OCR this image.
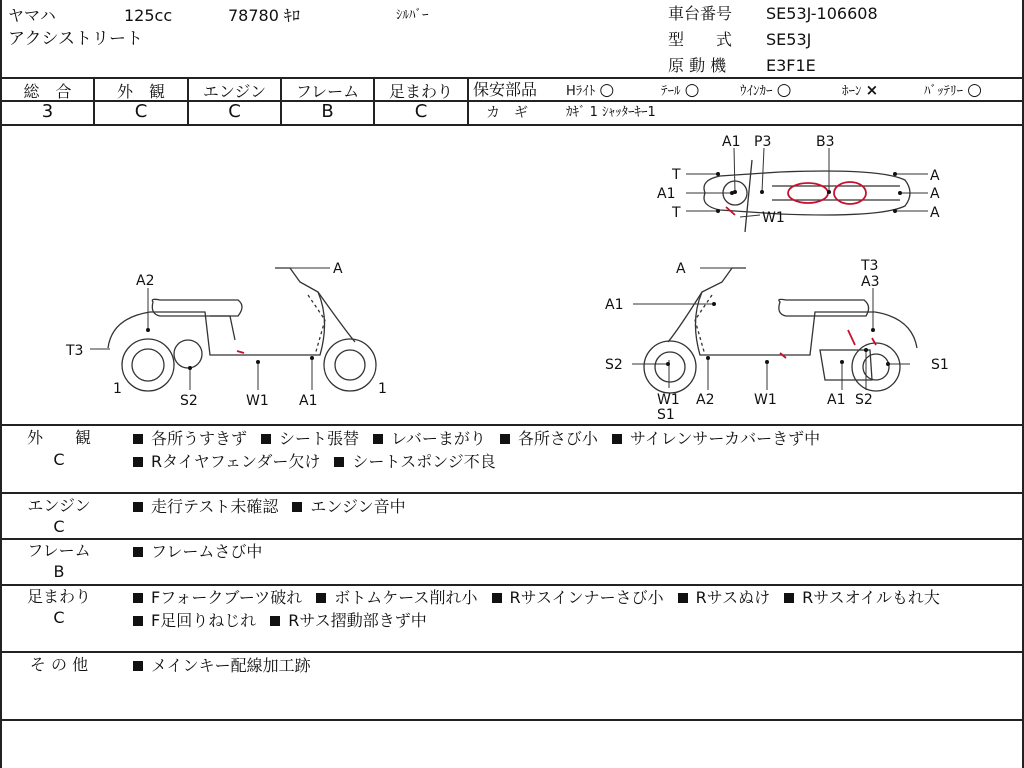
ヤマハ	125cc	78780 ｷﾛ	ｼﾙﾊﾞｰ
アクシストリート
車台番号 SE53J-106608
型　　式 SE53J
原 動 機 E3F1E
総　合	外　観	エンジン	フレーム	足まわり
3	C	C	B	C
保安部品 Hﾗｲﾄ ○	ﾃｰﾙ ○	ｳｲﾝｶｰ ○	ﾎｰﾝ ×	ﾊﾞｯﾃﾘｰ ○
カ　ギ	ｶｷﾞ 1 ｼｬｯﾀｰｷｰ1
A1 P3	B3
T
A1
T	W1
A
A
A
A
A2
T3
1
S2	W1 A1
1
A	T3
A3
A1
S2	S1
W1
S1
A2	W1	A1 S2
外　　観
C
各所うすきず シート張替 レバーまがり 各所さび小 サイレンサーカバーきず中Rタイヤフェンダー欠け シートスポンジ不良
エンジン
C
走行テスト未確認 エンジン音中
フレーム
B
フレームさび中
足まわり
C
Fフォークブーツ破れ ボトムケース削れ小 Rサスインナーさび小 Rサスぬけ Rサスオイルもれ大F足回りねじれ Rサス摺動部きず中
そ の 他	メインキー配線加工跡
